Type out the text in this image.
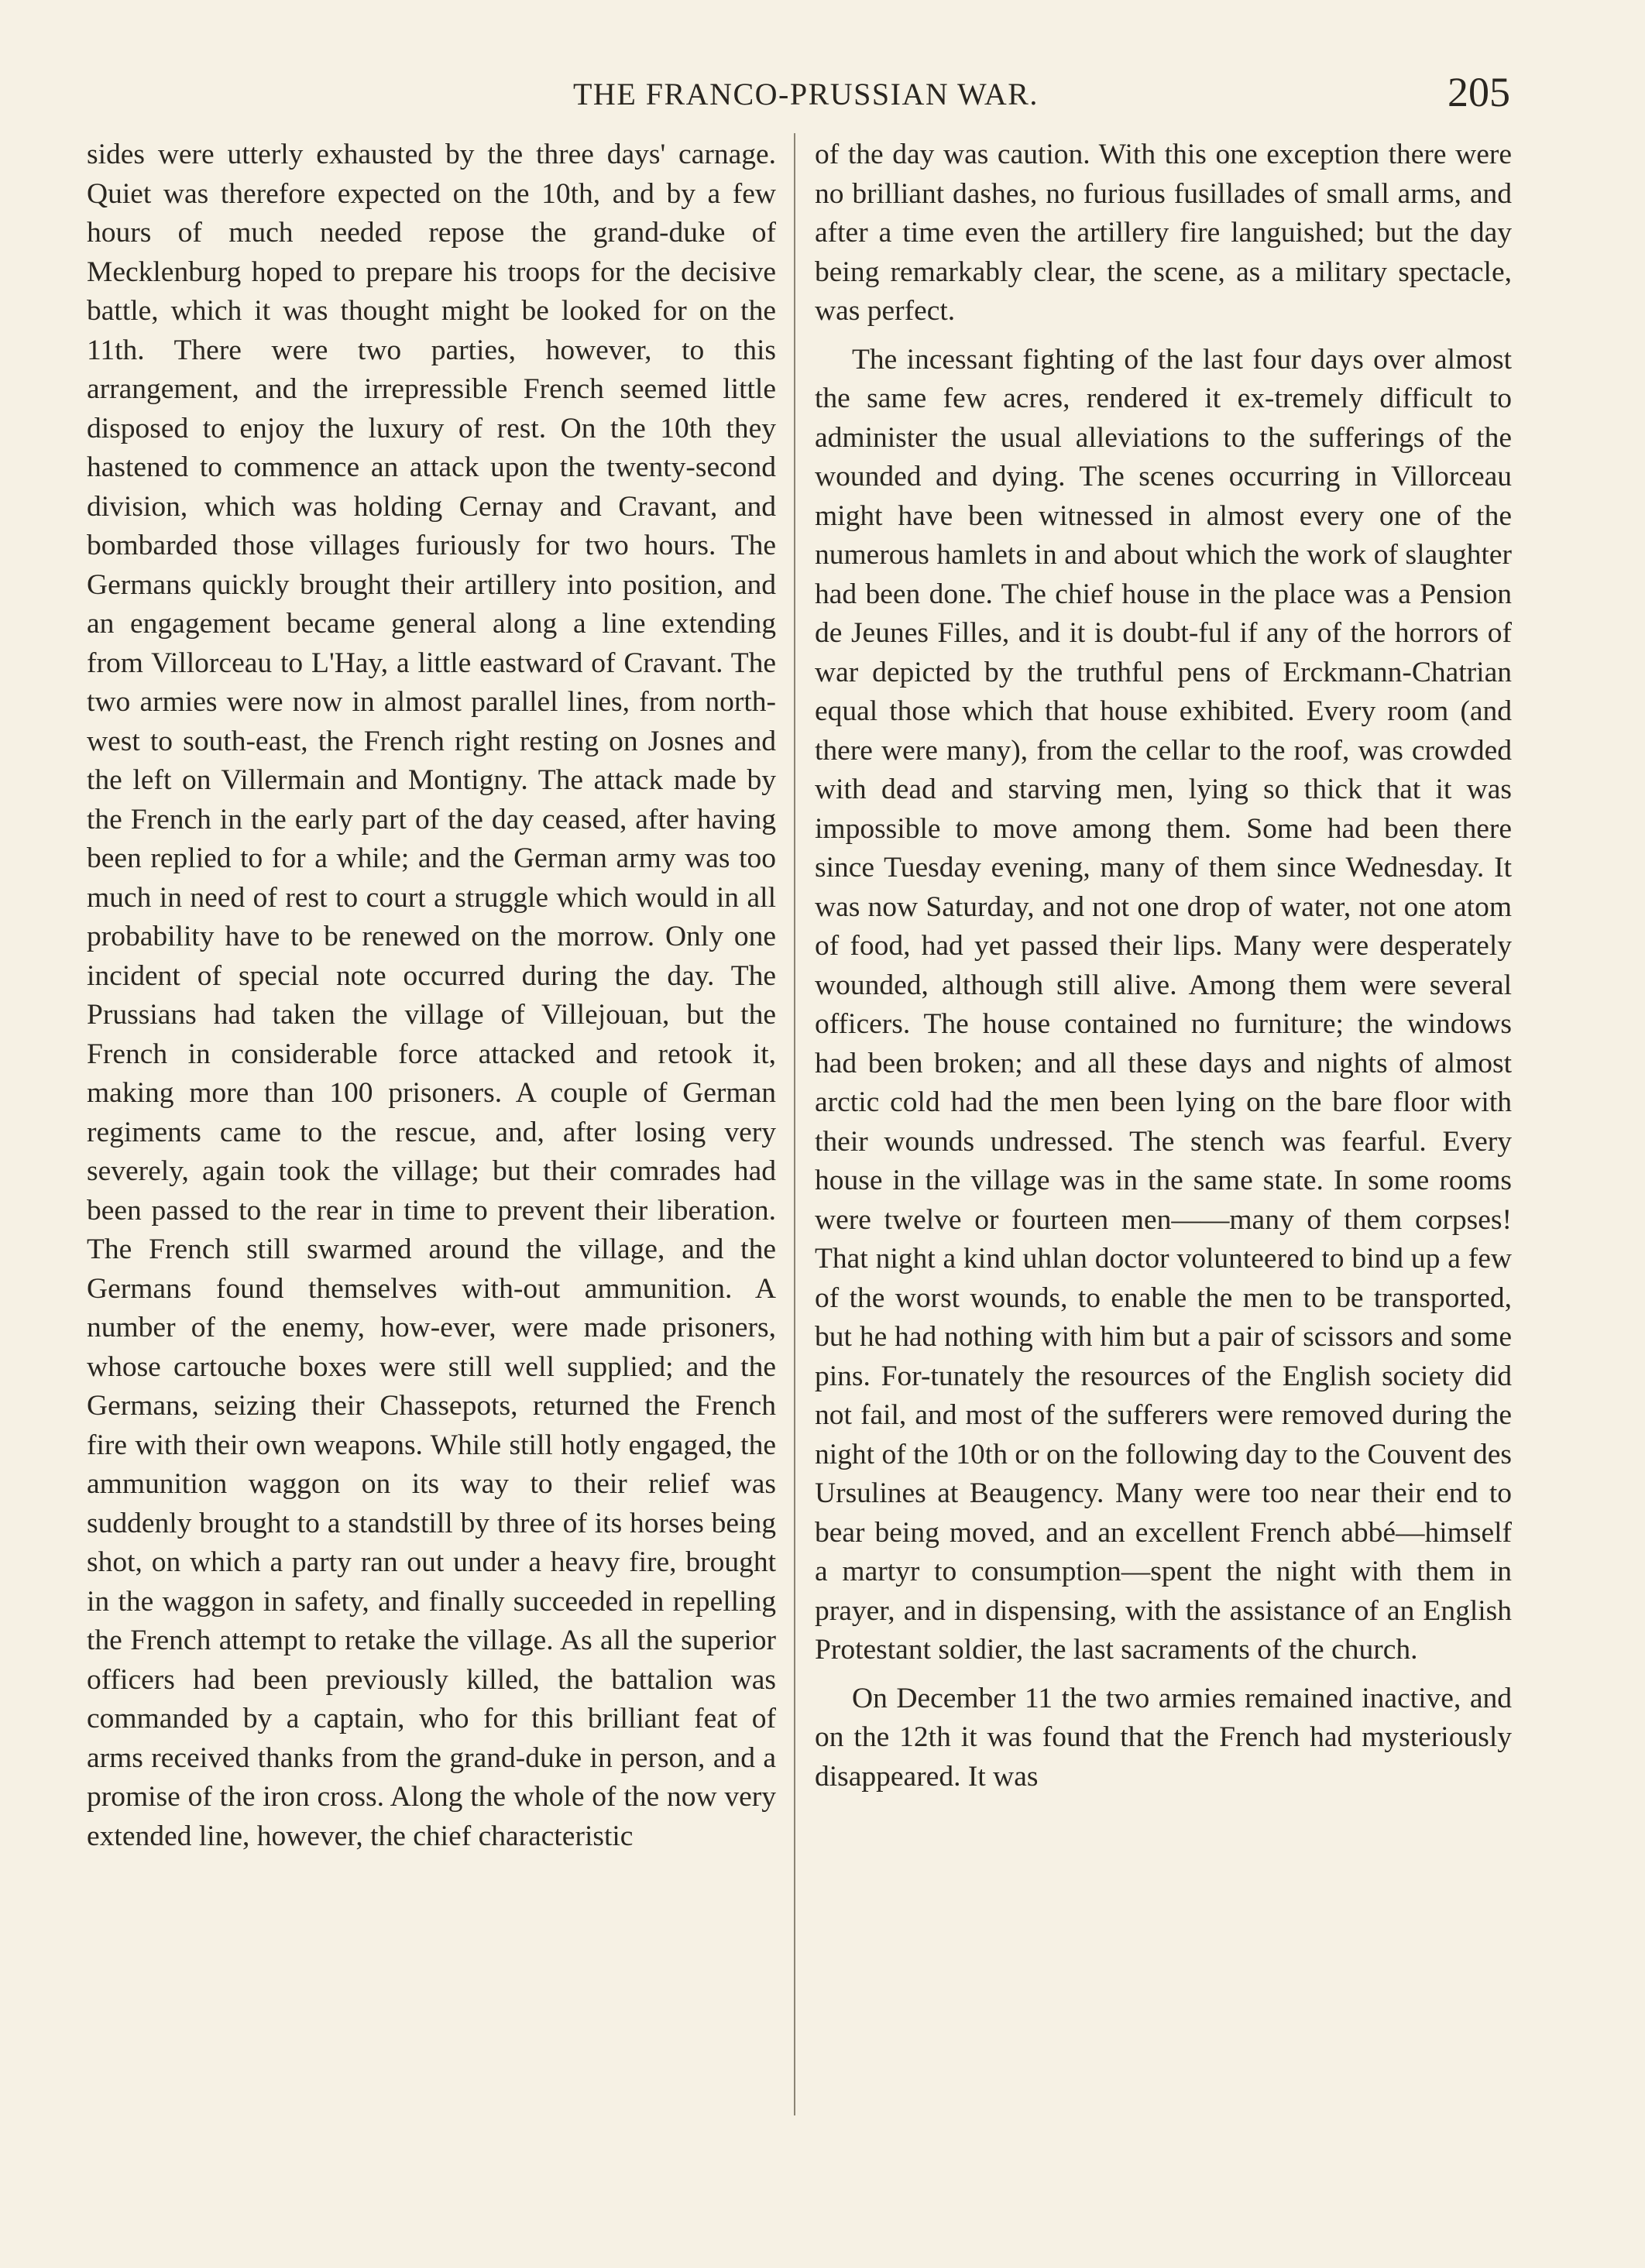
THE FRANCO-PRUSSIAN WAR.	205

sides were utterly exhausted by the three days' carnage. Quiet was therefore expected on the 10th, and by a few hours of much needed repose the grand-duke of Mecklenburg hoped to prepare his troops for the decisive battle, which it was thought might be looked for on the 11th. There were two parties, however, to this arrangement, and the irrepressible French seemed little disposed to enjoy the luxury of rest. On the 10th they hastened to commence an attack upon the twenty-second division, which was holding Cernay and Cravant, and bombarded those villages furiously for two hours. The Germans quickly brought their artillery into position, and an engagement became general along a line extending from Villorceau to L'Hay, a little eastward of Cravant. The two armies were now in almost parallel lines, from north-west to south-east, the French right resting on Josnes and the left on Villermain and Montigny. The attack made by the French in the early part of the day ceased, after having been replied to for a while; and the German army was too much in need of rest to court a struggle which would in all probability have to be renewed on the morrow. Only one incident of special note occurred during the day. The Prussians had taken the village of Villejouan, but the French in considerable force attacked and retook it, making more than 100 prisoners. A couple of German regiments came to the rescue, and, after losing very severely, again took the village; but their comrades had been passed to the rear in time to prevent their liberation. The French still swarmed around the village, and the Germans found themselves with-out ammunition. A number of the enemy, how-ever, were made prisoners, whose cartouche boxes were still well supplied; and the Germans, seizing their Chassepots, returned the French fire with their own weapons. While still hotly engaged, the ammunition waggon on its way to their relief was suddenly brought to a standstill by three of its horses being shot, on which a party ran out under a heavy fire, brought in the waggon in safety, and finally succeeded in repelling the French attempt to retake the village. As all the superior officers had been previously killed, the battalion was commanded by a captain, who for this brilliant feat of arms received thanks from the grand-duke in person, and a promise of the iron cross. Along the whole of the now very extended line, however, the chief characteristic

of the day was caution. With this one exception there were no brilliant dashes, no furious fusillades of small arms, and after a time even the artillery fire languished; but the day being remarkably clear, the scene, as a military spectacle, was perfect.

The incessant fighting of the last four days over almost the same few acres, rendered it ex-tremely difficult to administer the usual alleviations to the sufferings of the wounded and dying. The scenes occurring in Villorceau might have been witnessed in almost every one of the numerous hamlets in and about which the work of slaughter had been done. The chief house in the place was a Pension de Jeunes Filles, and it is doubt-ful if any of the horrors of war depicted by the truthful pens of Erckmann-Chatrian equal those which that house exhibited. Every room (and there were many), from the cellar to the roof, was crowded with dead and starving men, lying so thick that it was impossible to move among them. Some had been there since Tuesday evening, many of them since Wednesday. It was now Saturday, and not one drop of water, not one atom of food, had yet passed their lips. Many were desperately wounded, although still alive. Among them were several officers. The house contained no furniture; the windows had been broken; and all these days and nights of almost arctic cold had the men been lying on the bare floor with their wounds undressed. The stench was fearful. Every house in the village was in the same state. In some rooms were twelve or fourteen men——many of them corpses! That night a kind uhlan doctor volunteered to bind up a few of the worst wounds, to enable the men to be transported, but he had nothing with him but a pair of scissors and some pins. For-tunately the resources of the English society did not fail, and most of the sufferers were removed during the night of the 10th or on the following day to the Couvent des Ursulines at Beaugency. Many were too near their end to bear being moved, and an excellent French abbé—himself a martyr to consumption—spent the night with them in prayer, and in dispensing, with the assistance of an English Protestant soldier, the last sacraments of the church.

On December 11 the two armies remained inactive, and on the 12th it was found that the French had mysteriously disappeared. It was
